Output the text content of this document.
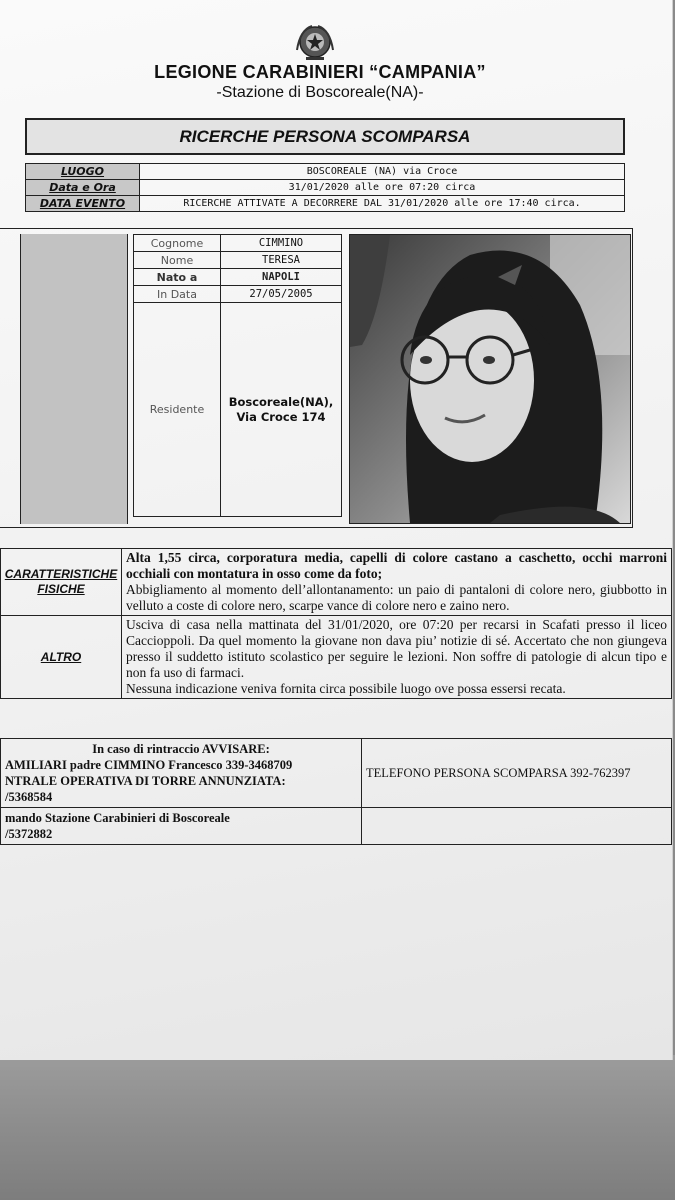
LEGIONE CARABINIERI “CAMPANIA”
-Stazione di Boscoreale(NA)-
RICERCHE PERSONA SCOMPARSA
LUOGO	BOSCOREALE (NA) via Croce
Data e Ora	31/01/2020 alle ore 07:20 circa
DATA EVENTO	RICERCHE ATTIVATE A DECORRERE DAL 31/01/2020 alle ore 17:40 circa.
Cognome	CIMMINO
Nome	TERESA
Nato a	NAPOLI
In Data	27/05/2005
Residente	Boscoreale(NA),
Via Croce 174
CARATTERISTICHE FISICHE	Alta 1,55 circa, corporatura media, capelli di colore castano a caschetto, occhi marroni occhiali con montatura in osso come da foto;
Abbigliamento al momento dell’allontanamento: un paio di pantaloni di colore nero, giubbotto in velluto a coste di colore nero, scarpe vance di colore nero e zaino nero.
ALTRO	Usciva di casa nella mattinata del 31/01/2020, ore 07:20 per recarsi in Scafati presso il liceo Caccioppoli. Da quel momento la giovane non dava piu’ notizie di sé. Accertato che non giungeva presso il suddetto istituto scolastico per seguire le lezioni. Non soffre di patologie di alcun tipo e non fa uso di farmaci.
Nessuna indicazione veniva fornita circa possibile luogo ove possa essersi recata.
In caso di rintraccio AVVISARE:
AMILIARI padre CIMMINO Francesco 339-3468709
NTRALE OPERATIVA DI TORRE ANNUNZIATA:
/5368584	TELEFONO PERSONA SCOMPARSA 392-762397

mando Stazione Carabinieri di Boscoreale
/5372882	
